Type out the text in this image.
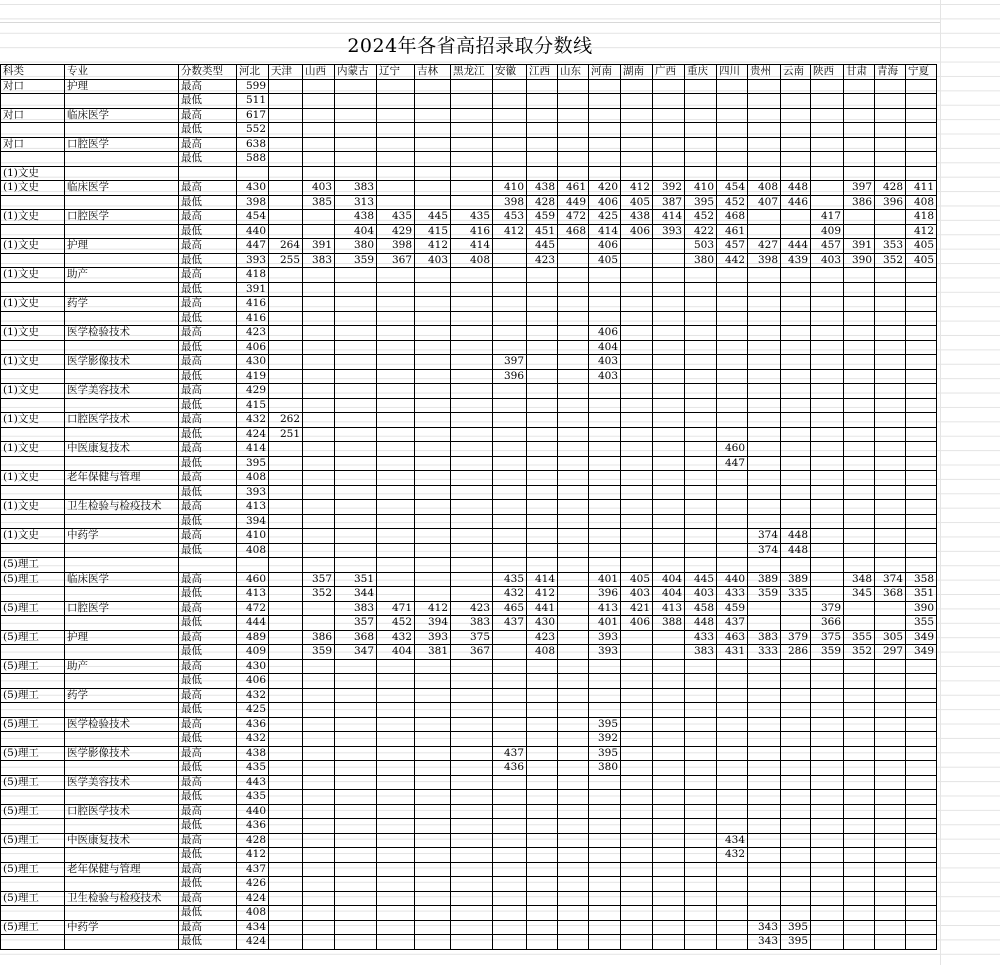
2024年各省高招录取分数线
科类	专业	分数类型	河北	天津	山西	内蒙古	辽宁	吉林	黑龙江	安徽	江西	山东	河南	湖南	广西	重庆	四川	贵州	云南	陕西	甘肃	青海	宁夏
对口	护理	最高	599																				
		最低	511																				
对口	临床医学	最高	617																				
		最低	552																				
对口	口腔医学	最高	638																				
		最低	588																				
(1)文史																							
(1)文史	临床医学	最高	430		403	383				410	438	461	420	412	392	410	454	408	448		397	428	411
		最低	398		385	313				398	428	449	406	405	387	395	452	407	446		386	396	408
(1)文史	口腔医学	最高	454			438	435	445	435	453	459	472	425	438	414	452	468			417			418
		最低	440			404	429	415	416	412	451	468	414	406	393	422	461			409			412
(1)文史	护理	最高	447	264	391	380	398	412	414		445		406			503	457	427	444	457	391	353	405
		最低	393	255	383	359	367	403	408		423		405			380	442	398	439	403	390	352	405
(1)文史	助产	最高	418																				
		最低	391																				
(1)文史	药学	最高	416																				
		最低	416																				
(1)文史	医学检验技术	最高	423										406										
		最低	406										404										
(1)文史	医学影像技术	最高	430							397			403										
		最低	419							396			403										
(1)文史	医学美容技术	最高	429																				
		最低	415																				
(1)文史	口腔医学技术	最高	432	262																			
		最低	424	251																			
(1)文史	中医康复技术	最高	414														460						
		最低	395														447						
(1)文史	老年保健与管理	最高	408																				
		最低	393																				
(1)文史	卫生检验与检疫技术	最高	413																				
		最低	394																				
(1)文史	中药学	最高	410															374	448				
		最低	408															374	448				
(5)理工																							
(5)理工	临床医学	最高	460		357	351				435	414		401	405	404	445	440	389	389		348	374	358
		最低	413		352	344				432	412		396	403	404	403	433	359	335		345	368	351
(5)理工	口腔医学	最高	472			383	471	412	423	465	441		413	421	413	458	459			379			390
		最低	444			357	452	394	383	437	430		401	406	388	448	437			366			355
(5)理工	护理	最高	489		386	368	432	393	375		423		393			433	463	383	379	375	355	305	349
		最低	409		359	347	404	381	367		408		393			383	431	333	286	359	352	297	349
(5)理工	助产	最高	430																				
		最低	406																				
(5)理工	药学	最高	432																				
		最低	425																				
(5)理工	医学检验技术	最高	436										395										
		最低	432										392										
(5)理工	医学影像技术	最高	438							437			395										
		最低	435							436			380										
(5)理工	医学美容技术	最高	443																				
		最低	435																				
(5)理工	口腔医学技术	最高	440																				
		最低	436																				
(5)理工	中医康复技术	最高	428														434						
		最低	412														432						
(5)理工	老年保健与管理	最高	437																				
		最低	426																				
(5)理工	卫生检验与检疫技术	最高	424																				
		最低	408																				
(5)理工	中药学	最高	434															343	395				
		最低	424															343	395				
